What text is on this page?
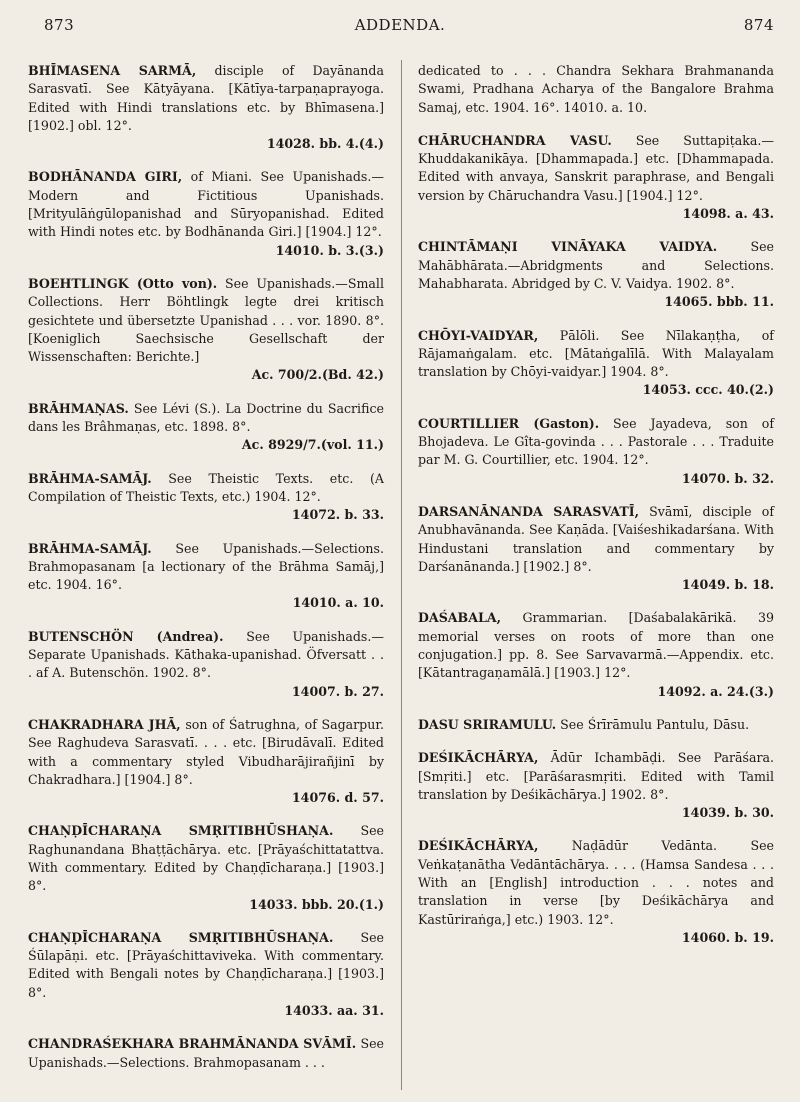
873	ADDENDA.	874
BHĪMASENA SARMĀ, disciple of Dayānanda Sarasvatī. See Kātyāyana. [Kātīya-tarpaṇaprayoga. Edited with Hindi translations etc. by Bhīmasena.] [1902.] obl. 12°.
14028. bb. 4.(4.)
BODHĀNANDA GIRI, of Miani. See Upanishads.—Modern and Fictitious Upanishads. [Mrityulāṅgūlopanishad and Sūryopanishad. Edited with Hindi notes etc. by Bodhānanda Giri.] [1904.] 12°.
14010. b. 3.(3.)
BOEHTLINGK (Otto von). See Upanishads.—Small Collections. Herr Böhtlingk legte drei kritisch gesichtete und übersetzte Upanishad . . . vor. 1890. 8°. [Koeniglich Saechsische Gesellschaft der Wissenschaften: Berichte.]
Ac. 700/2.(Bd. 42.)
BRĀHMAṆAS. See Lévi (S.). La Doctrine du Sacrifice dans les Brâhmaṇas, etc. 1898. 8°.
Ac. 8929/7.(vol. 11.)
BRĀHMA-SAMĀJ. See Theistic Texts. etc. (A Compilation of Theistic Texts, etc.) 1904. 12°.
14072. b. 33.
BRĀHMA-SAMĀJ. See Upanishads.—Selections. Brahmopasanam [a lectionary of the Brāhma Samāj,] etc. 1904. 16°.
14010. a. 10.
BUTENSCHÖN (Andrea). See Upanishads.—Separate Upanishads. Kāthaka-upanishad. Öfversatt . . . af A. Butenschön. 1902. 8°.
14007. b. 27.
CHAKRADHARA JHĀ, son of Śatrughna, of Sagarpur. See Raghudeva Sarasvatī. . . . etc. [Birudāvalī. Edited with a commentary styled Vibudharājirañjinī by Chakradhara.] [1904.] 8°.
14076. d. 57.
CHAṆḌĪCHARAṆA SMṚITIBHŪSHAṆA. See Raghunandana Bhaṭṭāchārya. etc. [Prāyaśchittatattva. With commentary. Edited by Chaṇḍīcharaṇa.] [1903.] 8°.
14033. bbb. 20.(1.)
CHAṆḌĪCHARAṆA SMṚITIBHŪSHAṆA. See Śūlapāṇi. etc. [Prāyaśchittaviveka. With commentary. Edited with Bengali notes by Chaṇḍīcharaṇa.] [1903.] 8°.
14033. aa. 31.
CHANDRAŚEKHARA BRAHMĀNANDA SVĀMĪ. See Upanishads.—Selections. Brahmopasanam . . .
dedicated to . . . Chandra Sekhara Brahmananda Swami, Pradhana Acharya of the Bangalore Brahma Samaj, etc. 1904. 16°. 14010. a. 10.
CHĀRUCHANDRA VASU. See Suttapiṭaka.—Khuddakanikāya. [Dhammapada.] etc. [Dhammapada. Edited with anvaya, Sanskrit paraphrase, and Bengali version by Chāruchandra Vasu.] [1904.] 12°.
14098. a. 43.
CHINTĀMAṆI VINĀYAKA VAIDYA.	See Mahābhārata.—Abridgments and Selections. Mahabharata. Abridged by C. V. Vaidya. 1902. 8°.
14065. bbb. 11.
CHŌYI-VAIDYAR, Pālōli. See Nīlakaṇṭha, of Rājamaṅgalam. etc. [Mātaṅgalīlā. With Malayalam translation by Chōyi-vaidyar.] 1904. 8°.
14053. ccc. 40.(2.)
COURTILLIER (Gaston). See Jayadeva, son of Bhojadeva. Le Gîta-govinda . . . Pastorale . . . Traduite par M. G. Courtillier, etc. 1904. 12°.
14070. b. 32.
DARSANĀNANDA SARASVATĪ, Svāmī, disciple of Anubhavānanda. See Kaṇāda. [Vaiśeshikadarśana. With Hindustani translation and commentary by Darśanānanda.] [1902.] 8°.
14049. b. 18.
DAŚABALA, Grammarian. [Daśabalakārikā. 39 memorial verses on roots of more than one conjugation.] pp. 8. See Sarvavarmā.—Appendix. etc. [Kātantragaṇamālā.] [1903.] 12°.
14092. a. 24.(3.)
DASU SRIRAMULU. See Śrīrāmulu Pantulu, Dāsu.
DEŚIKĀCHĀRYA, Ādūr Ichambāḍi. See Parāśara. [Smṛiti.] etc. [Parāśarasmṛiti. Edited with Tamil translation by Deśikāchārya.] 1902. 8°.
14039. b. 30.
DEŚIKĀCHĀRYA,	Naḍādūr Vedānta. See Veṅkaṭanātha Vedāntāchārya. . . . (Hamsa Sandesa . . . With an [English] introduction . . . notes and translation in verse [by Deśikāchārya and Kastūriraṅga,] etc.) 1903. 12°.
14060. b. 19.
